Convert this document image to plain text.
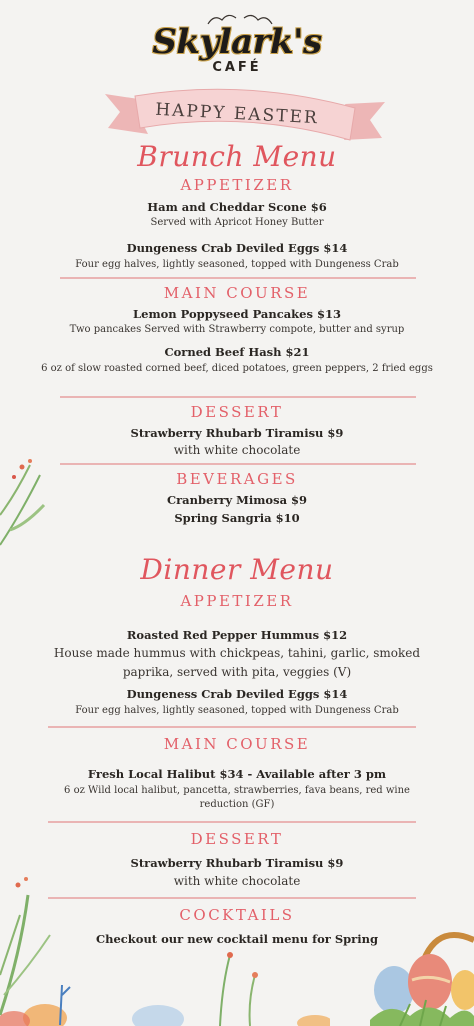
Skylark's
CAFÉ
HAPPY EASTER
Brunch Menu
APPETIZER
Ham and Cheddar Scone $6
Served with Apricot Honey Butter
Dungeness Crab Deviled Eggs $14
Four egg halves, lightly seasoned, topped with Dungeness Crab
MAIN COURSE
Lemon Poppyseed Pancakes $13
Two pancakes Served with Strawberry compote, butter and syrup
Corned Beef Hash $21
6 oz of slow roasted corned beef, diced potatoes, green peppers, 2 fried eggs
DESSERT
Strawberry Rhubarb Tiramisu $9
with white chocolate
BEVERAGES
Cranberry Mimosa $9
Spring Sangria $10
Dinner Menu
APPETIZER
Roasted Red Pepper Hummus $12
House made hummus with chickpeas, tahini, garlic, smoked paprika, served with pita, veggies (V)
Dungeness Crab Deviled Eggs $14
Four egg halves, lightly seasoned, topped with Dungeness Crab
MAIN COURSE
Fresh Local Halibut $34 - Available after 3 pm
6 oz Wild local halibut, pancetta, strawberries, fava beans, red wine reduction (GF)
DESSERT
Strawberry Rhubarb Tiramisu $9
with white chocolate
COCKTAILS
Checkout our new cocktail menu for Spring
